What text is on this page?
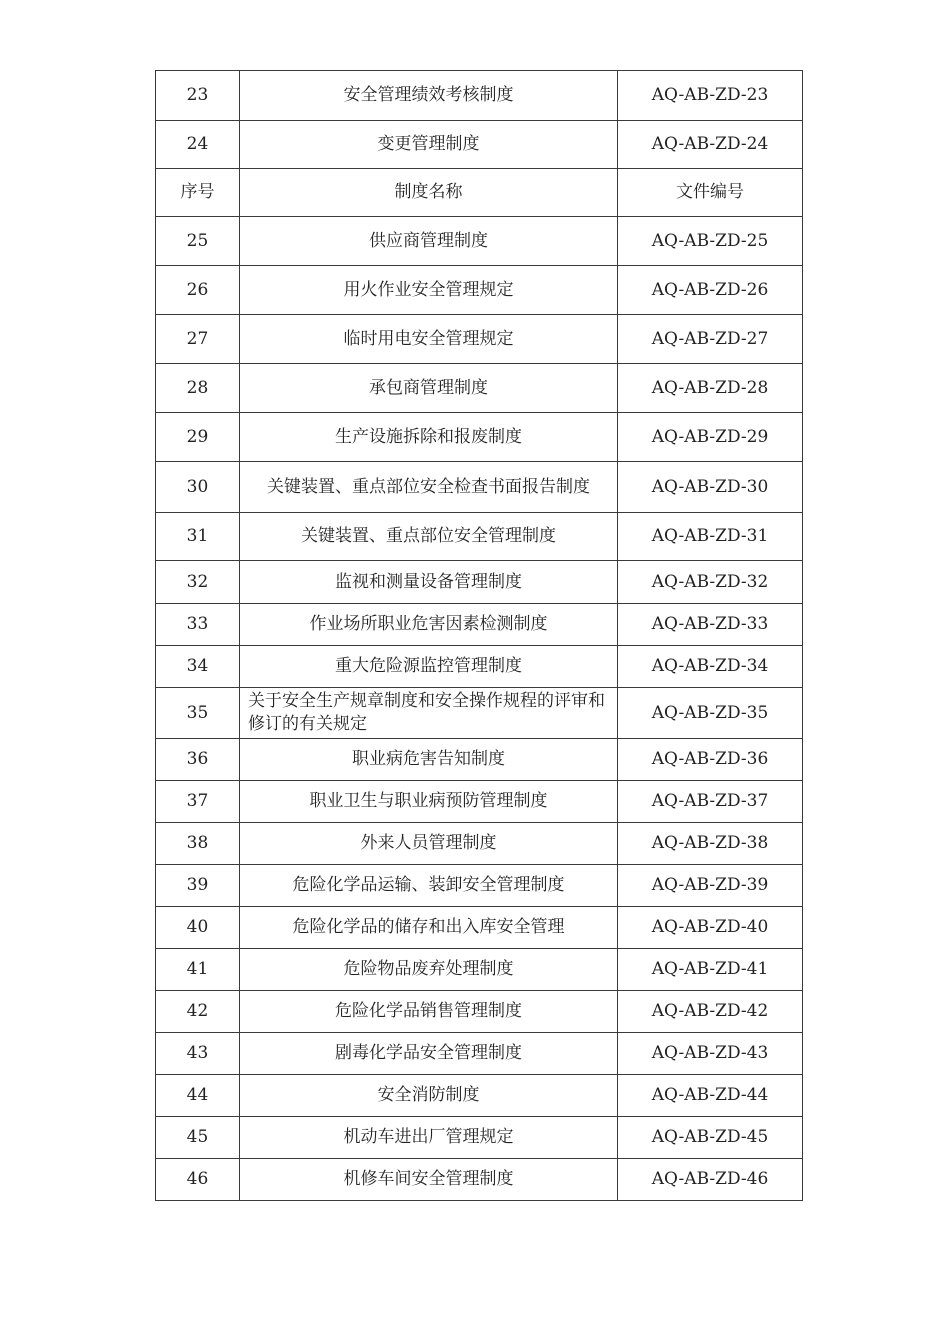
23	安全管理绩效考核制度	AQ-AB-ZD-23
24	变更管理制度	AQ-AB-ZD-24
序号	制度名称	文件编号
25	供应商管理制度	AQ-AB-ZD-25
26	用火作业安全管理规定	AQ-AB-ZD-26
27	临时用电安全管理规定	AQ-AB-ZD-27
28	承包商管理制度	AQ-AB-ZD-28
29	生产设施拆除和报废制度	AQ-AB-ZD-29
30	关键装置、重点部位安全检查书面报告制度	AQ-AB-ZD-30
31	关键装置、重点部位安全管理制度	AQ-AB-ZD-31
32	监视和测量设备管理制度	AQ-AB-ZD-32
33	作业场所职业危害因素检测制度	AQ-AB-ZD-33
34	重大危险源监控管理制度	AQ-AB-ZD-34
35	关于安全生产规章制度和安全操作规程的评审和修订的有关规定	AQ-AB-ZD-35
36	职业病危害告知制度	AQ-AB-ZD-36
37	职业卫生与职业病预防管理制度	AQ-AB-ZD-37
38	外来人员管理制度	AQ-AB-ZD-38
39	危险化学品运输、装卸安全管理制度	AQ-AB-ZD-39
40	危险化学品的储存和出入库安全管理	AQ-AB-ZD-40
41	危险物品废弃处理制度	AQ-AB-ZD-41
42	危险化学品销售管理制度	AQ-AB-ZD-42
43	剧毒化学品安全管理制度	AQ-AB-ZD-43
44	安全消防制度	AQ-AB-ZD-44
45	机动车进出厂管理规定	AQ-AB-ZD-45
46	机修车间安全管理制度	AQ-AB-ZD-46
